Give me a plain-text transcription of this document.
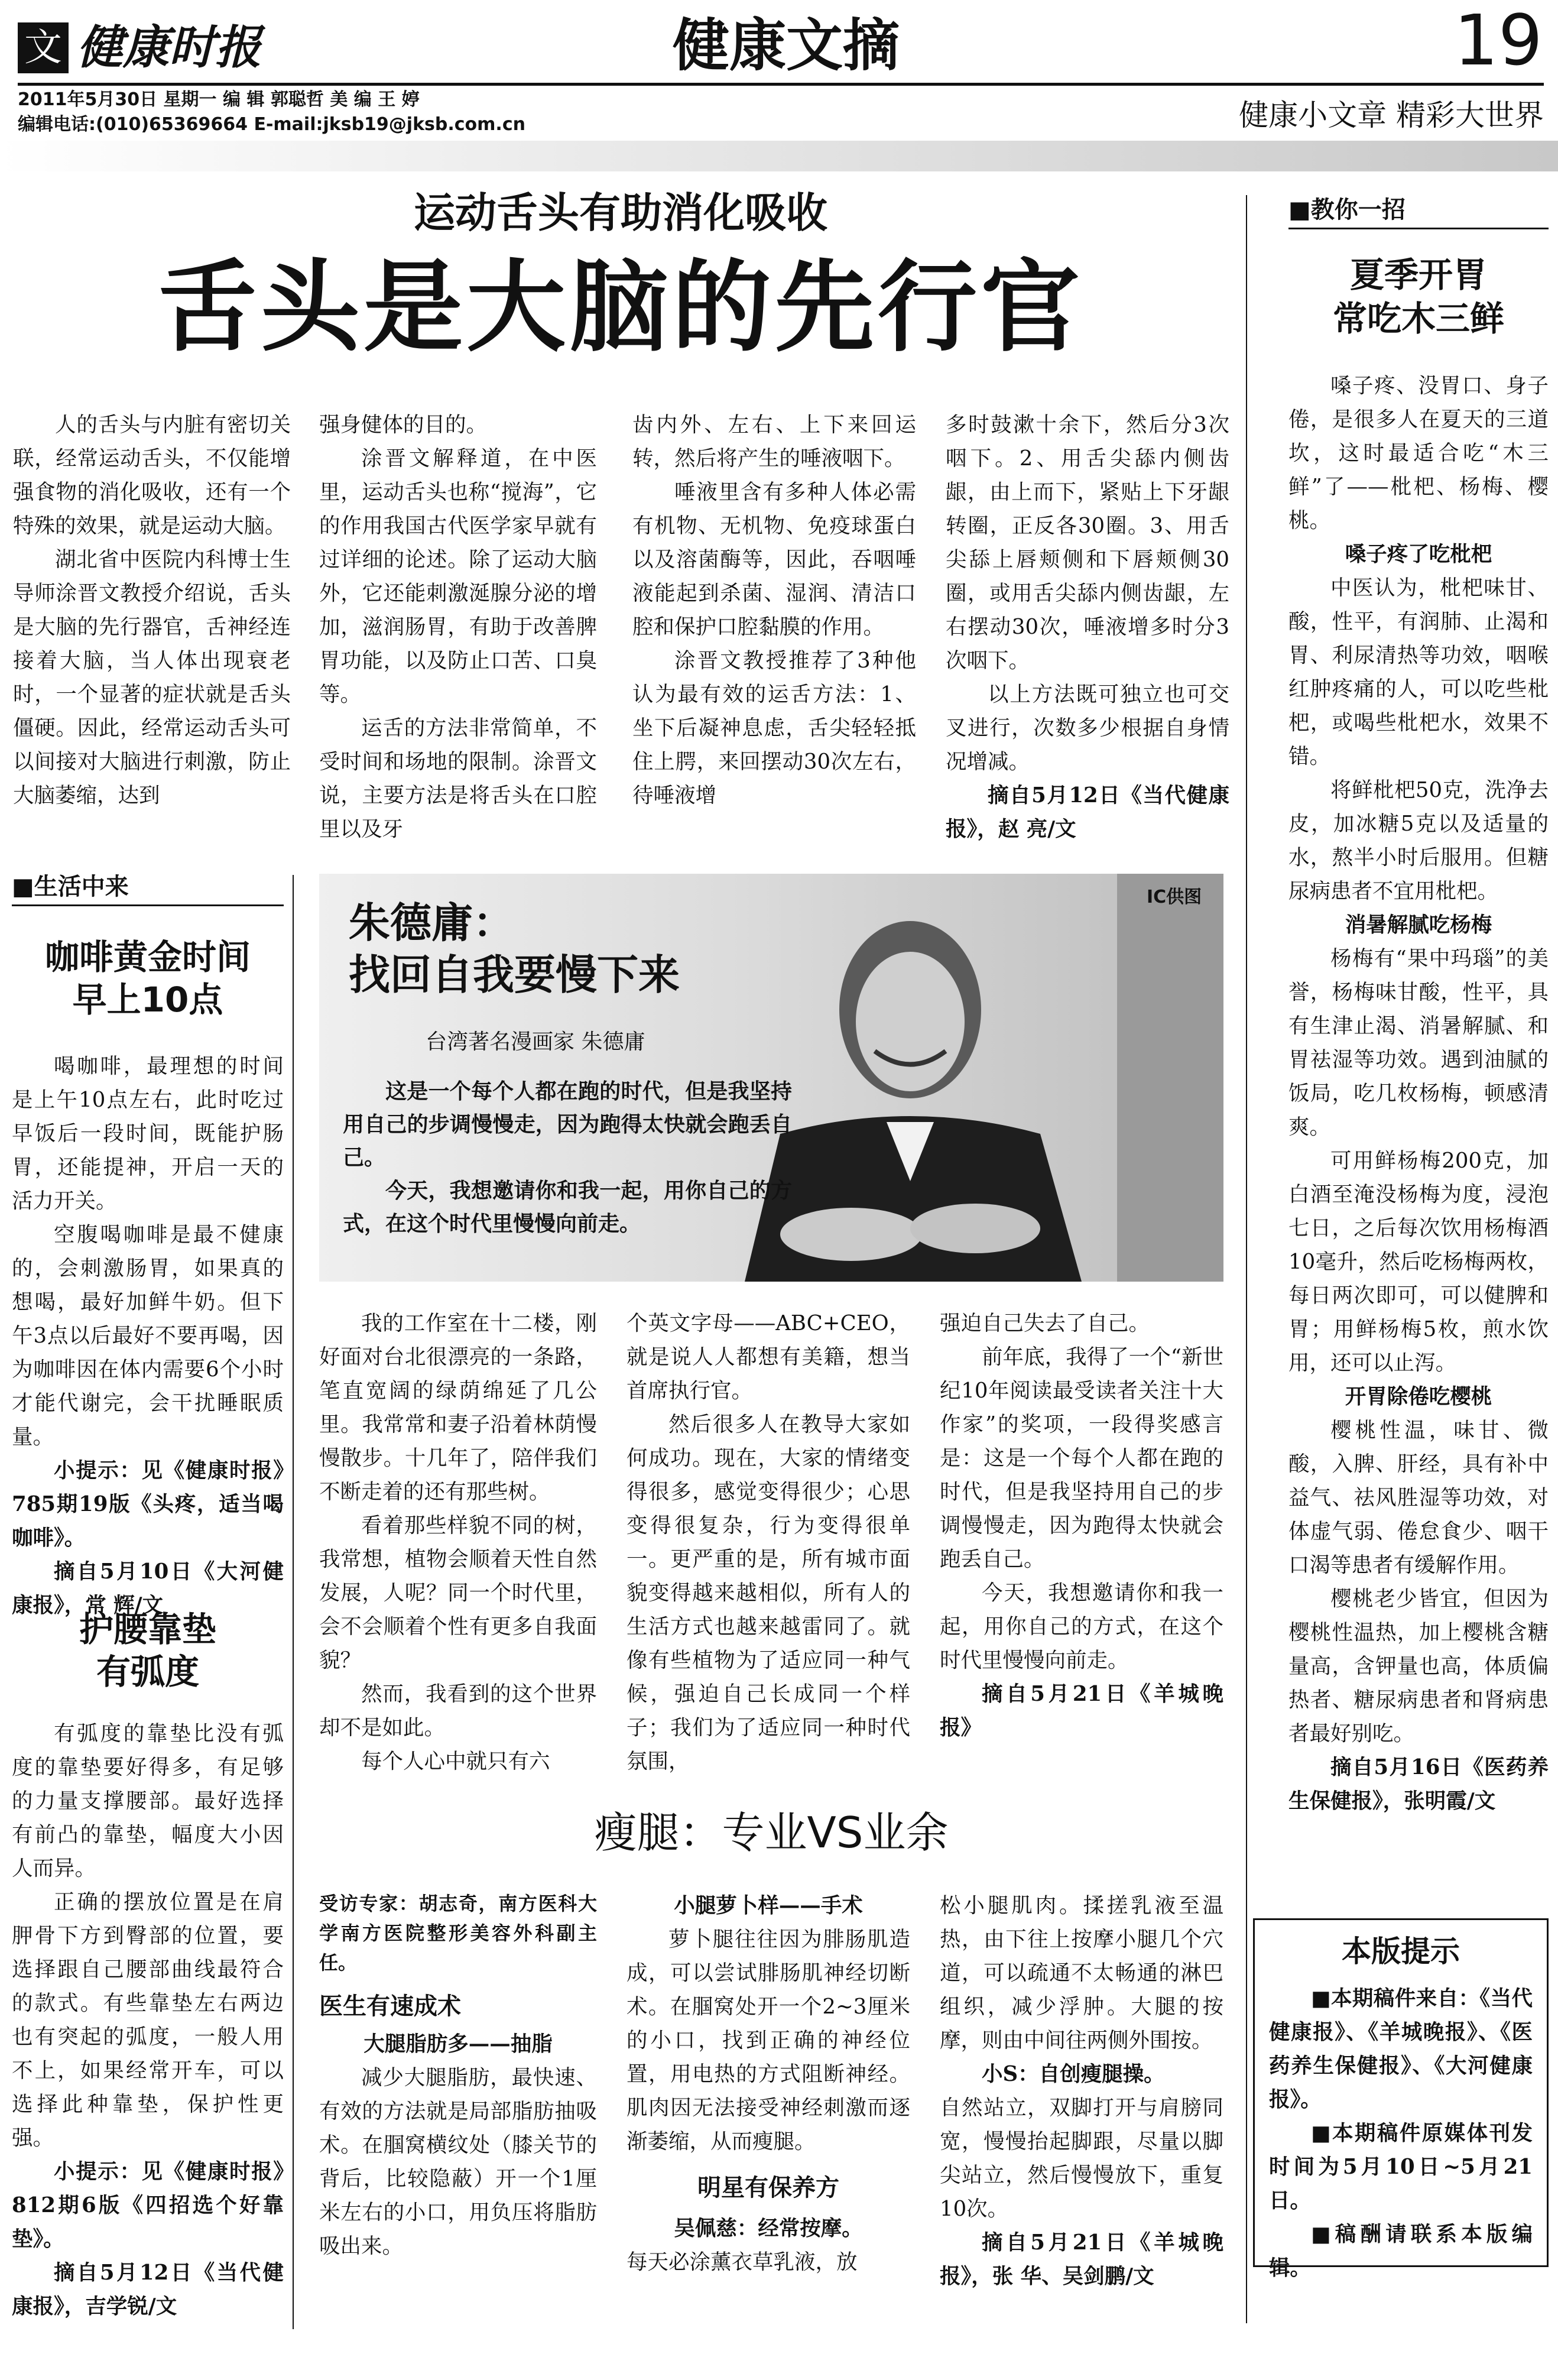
文 健康时报	健康文摘	19
2011年5月30日 星期一 编 辑 郭聪哲 美 编 王 婷
编辑电话:(010)65369664 E-mail:jksb19@jksb.com.cn	健康小文章 精彩大世界
运动舌头有助消化吸收
舌头是大脑的先行官

人的舌头与内脏有密切关联，经常运动舌头，不仅能增强食物的消化吸收，还有一个特殊的效果，就是运动大脑。

湖北省中医院内科博士生导师涂晋文教授介绍说，舌头是大脑的先行器官，舌神经连接着大脑，当人体出现衰老时，一个显著的症状就是舌头僵硬。因此，经常运动舌头可以间接对大脑进行刺激，防止大脑萎缩，达到

强身健体的目的。

涂晋文解释道，在中医里，运动舌头也称“搅海”，它的作用我国古代医学家早就有过详细的论述。除了运动大脑外，它还能刺激涎腺分泌的增加，滋润肠胃，有助于改善脾胃功能，以及防止口苦、口臭等。

运舌的方法非常简单，不受时间和场地的限制。涂晋文说，主要方法是将舌头在口腔里以及牙

齿内外、左右、上下来回运转，然后将产生的唾液咽下。

唾液里含有多种人体必需有机物、无机物、免疫球蛋白以及溶菌酶等，因此，吞咽唾液能起到杀菌、湿润、清洁口腔和保护口腔黏膜的作用。

涂晋文教授推荐了3种他认为最有效的运舌方法：1、坐下后凝神息虑，舌尖轻轻抵住上腭，来回摆动30次左右，待唾液增

多时鼓漱十余下，然后分3次咽下。2、用舌尖舔内侧齿龈，由上而下，紧贴上下牙龈转圈，正反各30圈。3、用舌尖舔上唇颊侧和下唇颊侧30圈，或用舌尖舔内侧齿龈，左右摆动30次，唾液增多时分3次咽下。

以上方法既可独立也可交叉进行，次数多少根据自身情况增减。

摘自5月12日《当代健康报》，赵 亮/文

■生活中来
咖啡黄金时间
早上10点

喝咖啡，最理想的时间是上午10点左右，此时吃过早饭后一段时间，既能护肠胃，还能提神，开启一天的活力开关。

空腹喝咖啡是最不健康的，会刺激肠胃，如果真的想喝，最好加鲜牛奶。但下午3点以后最好不要再喝，因为咖啡因在体内需要6个小时才能代谢完，会干扰睡眠质量。

小提示：见《健康时报》785期19版《头疼，适当喝咖啡》。

摘自5月10日《大河健康报》，常 辉/文

护腰靠垫
有弧度

有弧度的靠垫比没有弧度的靠垫要好得多，有足够的力量支撑腰部。最好选择有前凸的靠垫，幅度大小因人而异。

正确的摆放位置是在肩胛骨下方到臀部的位置，要选择跟自己腰部曲线最符合的款式。有些靠垫左右两边也有突起的弧度，一般人用不上，如果经常开车，可以选择此种靠垫，保护性更强。

小提示：见《健康时报》812期6版《四招选个好靠垫》。

摘自5月12日《当代健康报》，吉学锐/文

IC供图
朱德庸：
找回自我要慢下来
台湾著名漫画家 朱德庸

这是一个每个人都在跑的时代，但是我坚持用自己的步调慢慢走，因为跑得太快就会跑丢自己。

今天，我想邀请你和我一起，用你自己的方式，在这个时代里慢慢向前走。

我的工作室在十二楼，刚好面对台北很漂亮的一条路，笔直宽阔的绿荫绵延了几公里。我常常和妻子沿着林荫慢慢散步。十几年了，陪伴我们不断走着的还有那些树。

看着那些样貌不同的树，我常想，植物会顺着天性自然发展，人呢？同一个时代里，会不会顺着个性有更多自我面貌？

然而，我看到的这个世界却不是如此。

每个人心中就只有六

个英文字母——ABC+CEO，就是说人人都想有美籍，想当首席执行官。

然后很多人在教导大家如何成功。现在，大家的情绪变得很多，感觉变得很少；心思变得很复杂，行为变得很单一。更严重的是，所有城市面貌变得越来越相似，所有人的生活方式也越来越雷同了。就像有些植物为了适应同一种气候，强迫自己长成同一个样子；我们为了适应同一种时代氛围，

强迫自己失去了自己。

前年底，我得了一个“新世纪10年阅读最受读者关注十大作家”的奖项，一段得奖感言是：这是一个每个人都在跑的时代，但是我坚持用自己的步调慢慢走，因为跑得太快就会跑丢自己。

今天，我想邀请你和我一起，用你自己的方式，在这个时代里慢慢向前走。

摘自5月21日《羊城晚报》

瘦腿：专业VS业余

受访专家：胡志奇，南方医科大学南方医院整形美容外科副主任。

医生有速成术

大腿脂肪多——抽脂

减少大腿脂肪，最快速、有效的方法就是局部脂肪抽吸术。在腘窝横纹处（膝关节的背后，比较隐蔽）开一个1厘米左右的小口，用负压将脂肪吸出来。

小腿萝卜样——手术

萝卜腿往往因为腓肠肌造成，可以尝试腓肠肌神经切断术。在腘窝处开一个2~3厘米的小口，找到正确的神经位置，用电热的方式阻断神经。肌肉因无法接受神经刺激而逐渐萎缩，从而瘦腿。

明星有保养方

吴佩慈：经常按摩。

每天必涂薰衣草乳液，放

松小腿肌肉。揉搓乳液至温热，由下往上按摩小腿几个穴道，可以疏通不太畅通的淋巴组织，减少浮肿。大腿的按摩，则由中间往两侧外围按。

小S：自创瘦腿操。

自然站立，双脚打开与肩膀同宽，慢慢抬起脚跟，尽量以脚尖站立，然后慢慢放下，重复10次。

摘自5月21日《羊城晚报》，张 华、吴剑鹏/文

■教你一招
夏季开胃
常吃木三鲜

嗓子疼、没胃口、身子倦，是很多人在夏天的三道坎，这时最适合吃“木三鲜”了——枇杷、杨梅、樱桃。

嗓子疼了吃枇杷

中医认为，枇杷味甘、酸，性平，有润肺、止渴和胃、利尿清热等功效，咽喉红肿疼痛的人，可以吃些枇杷，或喝些枇杷水，效果不错。

将鲜枇杷50克，洗净去皮，加冰糖5克以及适量的水，熬半小时后服用。但糖尿病患者不宜用枇杷。

消暑解腻吃杨梅

杨梅有“果中玛瑙”的美誉，杨梅味甘酸，性平，具有生津止渴、消暑解腻、和胃祛湿等功效。遇到油腻的饭局，吃几枚杨梅，顿感清爽。

可用鲜杨梅200克，加白酒至淹没杨梅为度，浸泡七日，之后每次饮用杨梅酒10毫升，然后吃杨梅两枚，每日两次即可，可以健脾和胃；用鲜杨梅5枚，煎水饮用，还可以止泻。

开胃除倦吃樱桃

樱桃性温，味甘、微酸，入脾、肝经，具有补中益气、祛风胜湿等功效，对体虚气弱、倦怠食少、咽干口渴等患者有缓解作用。

樱桃老少皆宜，但因为樱桃性温热，加上樱桃含糖量高，含钾量也高，体质偏热者、糖尿病患者和肾病患者最好别吃。

摘自5月16日《医药养生保健报》，张明霞/文

本版提示

■本期稿件来自：《当代健康报》、《羊城晚报》、《医药养生保健报》、《大河健康报》。

■本期稿件原媒体刊发时间为5月10日~5月21日。

■稿酬请联系本版编辑。
